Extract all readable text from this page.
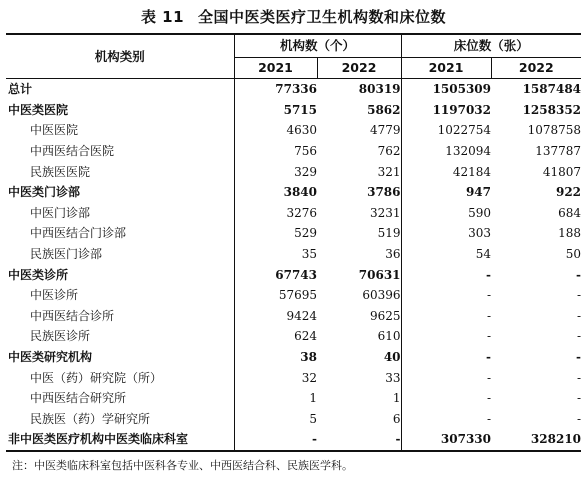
表 11 全国中医类医疗卫生机构数和床位数
机构类别	机构数（个）		床位数（张）	
	2021	2022	2021	2022
总计	77336	80319	1505309	1587484
中医类医院	5715	5862	1197032	1258352
中医医院	4630	4779	1022754	1078758
中西医结合医院	756	762	132094	137787
民族医医院	329	321	42184	41807
中医类门诊部	3840	3786	947	922
中医门诊部	3276	3231	590	684
中西医结合门诊部	529	519	303	188
民族医门诊部	35	36	54	50
中医类诊所	67743	70631	-	-
中医诊所	57695	60396	-	-
中西医结合诊所	9424	9625	-	-
民族医诊所	624	610	-	-
中医类研究机构	38	40	-	-
中医（药）研究院（所）	32	33	-	-
中西医结合研究所	1	1	-	-
民族医（药）学研究所	5	6	-	-
非中医类医疗机构中医类临床科室	-	-	307330	328210
注：中医类临床科室包括中医科各专业、中西医结合科、民族医学科。
